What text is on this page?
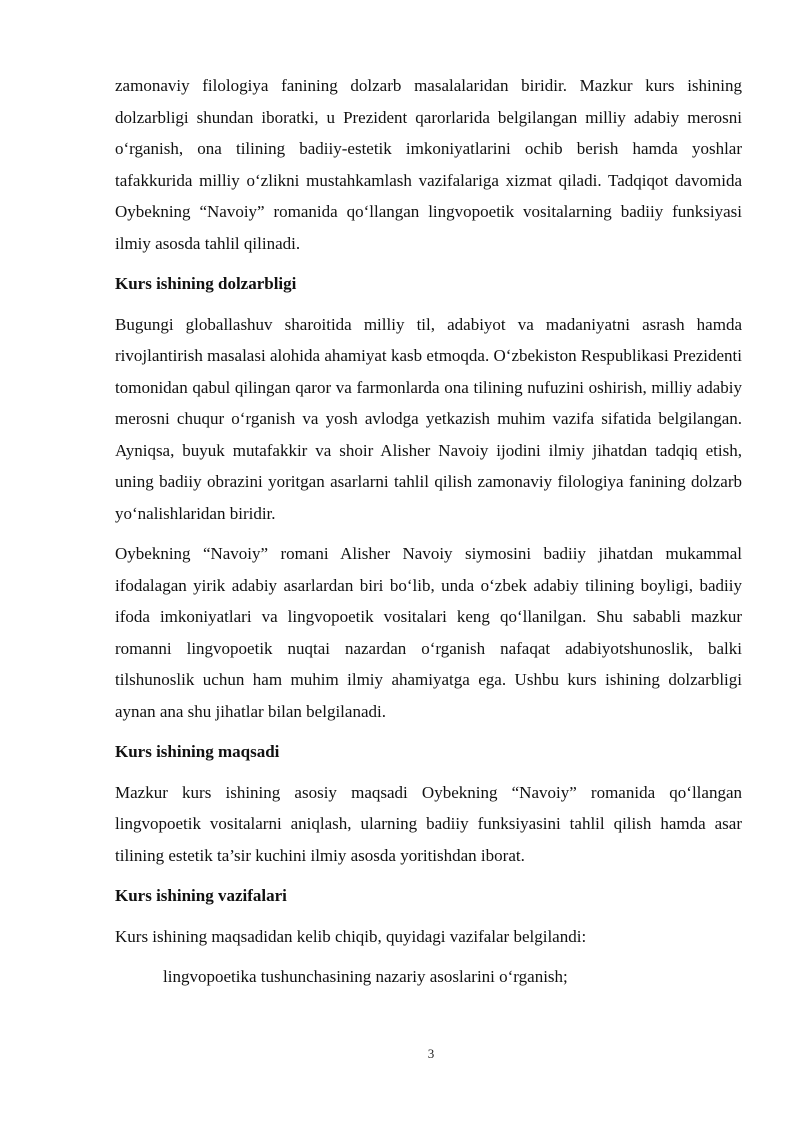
zamonaviy filologiya fanining dolzarb masalalaridan biridir. Mazkur kurs ishining dolzarbligi shundan iboratki, u Prezident qarorlarida belgilangan milliy adabiy merosni o‘rganish, ona tilining badiiy-estetik imkoniyatlarini ochib berish hamda yoshlar tafakkurida milliy o‘zlikni mustahkamlash vazifalariga xizmat qiladi. Tadqiqot davomida Oybekning “Navoiy” romanida qo‘llangan lingvopoetik vositalarning badiiy funksiyasi ilmiy asosda tahlil qilinadi.

Kurs ishining dolzarbligi

Bugungi globallashuv sharoitida milliy til, adabiyot va madaniyatni asrash hamda rivojlantirish masalasi alohida ahamiyat kasb etmoqda. O‘zbekiston Respublikasi Prezidenti tomonidan qabul qilingan qaror va farmonlarda ona tilining nufuzini oshirish, milliy adabiy merosni chuqur o‘rganish va yosh avlodga yetkazish muhim vazifa sifatida belgilangan. Ayniqsa, buyuk mutafakkir va shoir Alisher Navoiy ijodini ilmiy jihatdan tadqiq etish, uning badiiy obrazini yoritgan asarlarni tahlil qilish zamonaviy filologiya fanining dolzarb yo‘nalishlaridan biridir.

Oybekning “Navoiy” romani Alisher Navoiy siymosini badiiy jihatdan mukammal ifodalagan yirik adabiy asarlardan biri bo‘lib, unda o‘zbek adabiy tilining boyligi, badiiy ifoda imkoniyatlari va lingvopoetik vositalari keng qo‘llanilgan. Shu sababli mazkur romanni lingvopoetik nuqtai nazardan o‘rganish nafaqat adabiyotshunoslik, balki tilshunoslik uchun ham muhim ilmiy ahamiyatga ega. Ushbu kurs ishining dolzarbligi aynan ana shu jihatlar bilan belgilanadi.

Kurs ishining maqsadi

Mazkur kurs ishining asosiy maqsadi Oybekning “Navoiy” romanida qo‘llangan lingvopoetik vositalarni aniqlash, ularning badiiy funksiyasini tahlil qilish hamda asar tilining estetik ta’sir kuchini ilmiy asosda yoritishdan iborat.

Kurs ishining vazifalari

Kurs ishining maqsadidan kelib chiqib, quyidagi vazifalar belgilandi:

lingvopoetika tushunchasining nazariy asoslarini o‘rganish;

3
